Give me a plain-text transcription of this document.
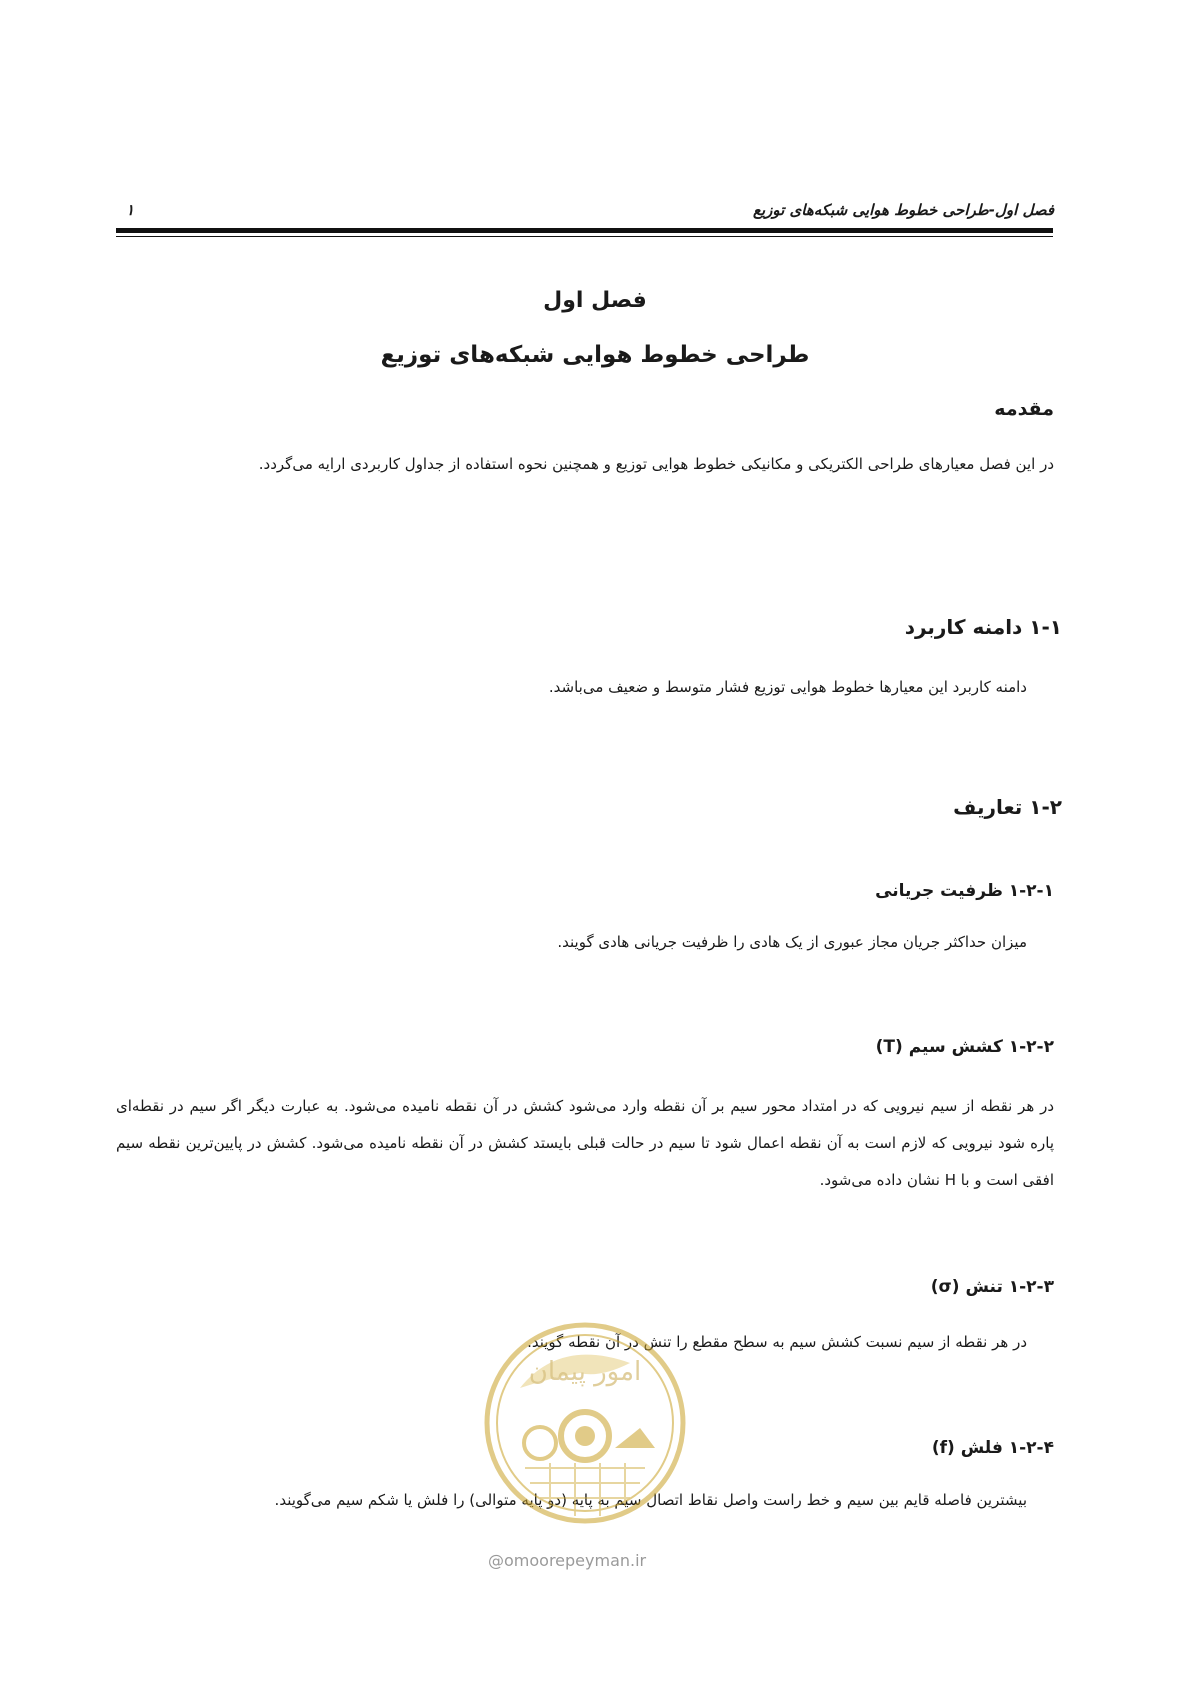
فصل اول-طراحی خطوط هوایی شبکه‌های توزیع
۱
فصل اول
طراحی خطوط هوایی شبکه‌های توزیع
مقدمه
در این فصل معیارهای طراحی الکتریکی و مکانیکی خطوط هوایی توزیع و همچنین نحوه استفاده از جداول کاربردی ارایه می‌گردد.
۱-۱ دامنه کاربرد
دامنه کاربرد این معیارها خطوط هوایی توزیع فشار متوسط و ضعیف می‌باشد.
۱-۲ تعاریف
۱-۲-۱ ظرفیت جریانی
میزان حداکثر جریان مجاز عبوری از یک هادی را ظرفیت جریانی هادی گویند.
۱-۲-۲ کشش سیم (T)
در هر نقطه از سیم نیرویی که در امتداد محور سیم بر آن نقطه وارد می‌شود کشش در آن نقطه نامیده می‌شود. به عبارت دیگر اگر سیم در نقطه‌ای پاره شود نیرویی که لازم است به آن نقطه اعمال شود تا سیم در حالت قبلی بایستد کشش در آن نقطه نامیده می‌شود. کشش در پایین‌ترین نقطه سیم افقی است و با H نشان داده می‌شود.
۱-۲-۳ تنش (σ)
در هر نقطه از سیم نسبت کشش سیم به سطح مقطع را تنش در آن نقطه گویند.
۱-۲-۴ فلش (f)
بیشترین فاصله قایم بین سیم و خط راست واصل نقاط اتصال سیم به پایه (دو پایه متوالی) را فلش یا شکم سیم می‌گویند.
امور پیمان
@omoorepeyman.ir
